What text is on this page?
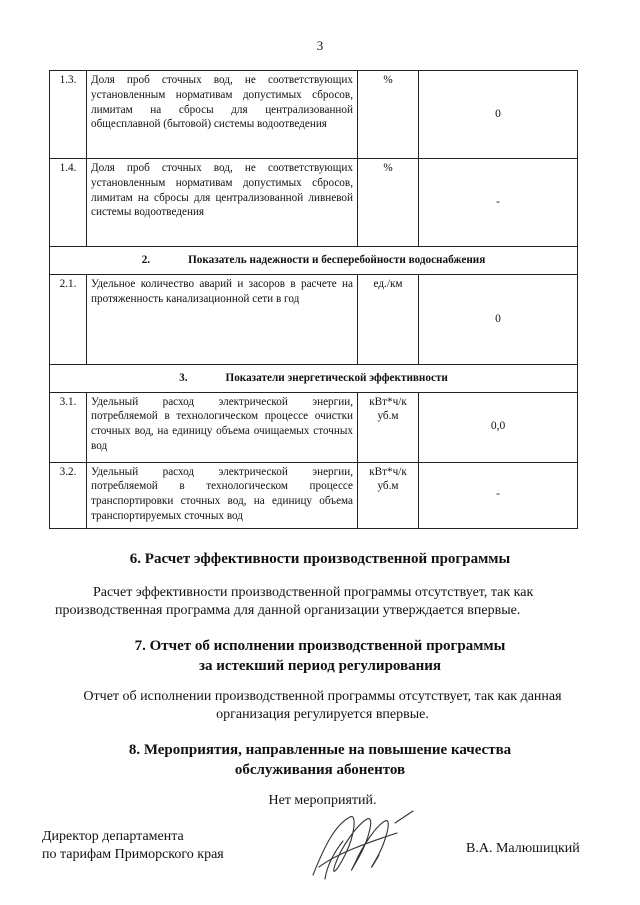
3
1.3.	Доля проб сточных вод, не соответствующих установленным нормативам допустимых сбросов, лимитам на сбросы для централизованной общесплавной (бытовой) системы водоотведения	%	0
1.4.	Доля проб сточных вод, не соответствующих установленным нормативам допустимых сбросов, лимитам на сбросы для централизованной ливневой системы водоотведения	%	-
2. Показатель надежности и бесперебойности водоснабжения			
2.1.	Удельное количество аварий и засоров в расчете на протяженность канализационной сети в год	ед./км	0
3. Показатели энергетической эффективности			
3.1.	Удельный расход электрической энергии, потребляемой в технологическом процессе очистки сточных вод, на единицу объема очищаемых сточных вод	кВт*ч/к уб.м	0,0
3.2.	Удельный расход электрической энергии, потребляемой в технологическом процессе транспортировки сточных вод, на единицу объема транспортируемых сточных вод	кВт*ч/к уб.м	-
6. Расчет эффективности производственной программы
Расчет эффективности производственной программы отсутствует, так как производственная программа для данной организации утверждается впервые.
7. Отчет об исполнении производственной программы
за истекший период регулирования
Отчет об исполнении производственной программы отсутствует, так как данная организация регулируется впервые.
8. Мероприятия, направленные на повышение качества
обслуживания абонентов
Нет мероприятий.
Директор департамента
по тарифам Приморского края	В.А. Малюшицкий
